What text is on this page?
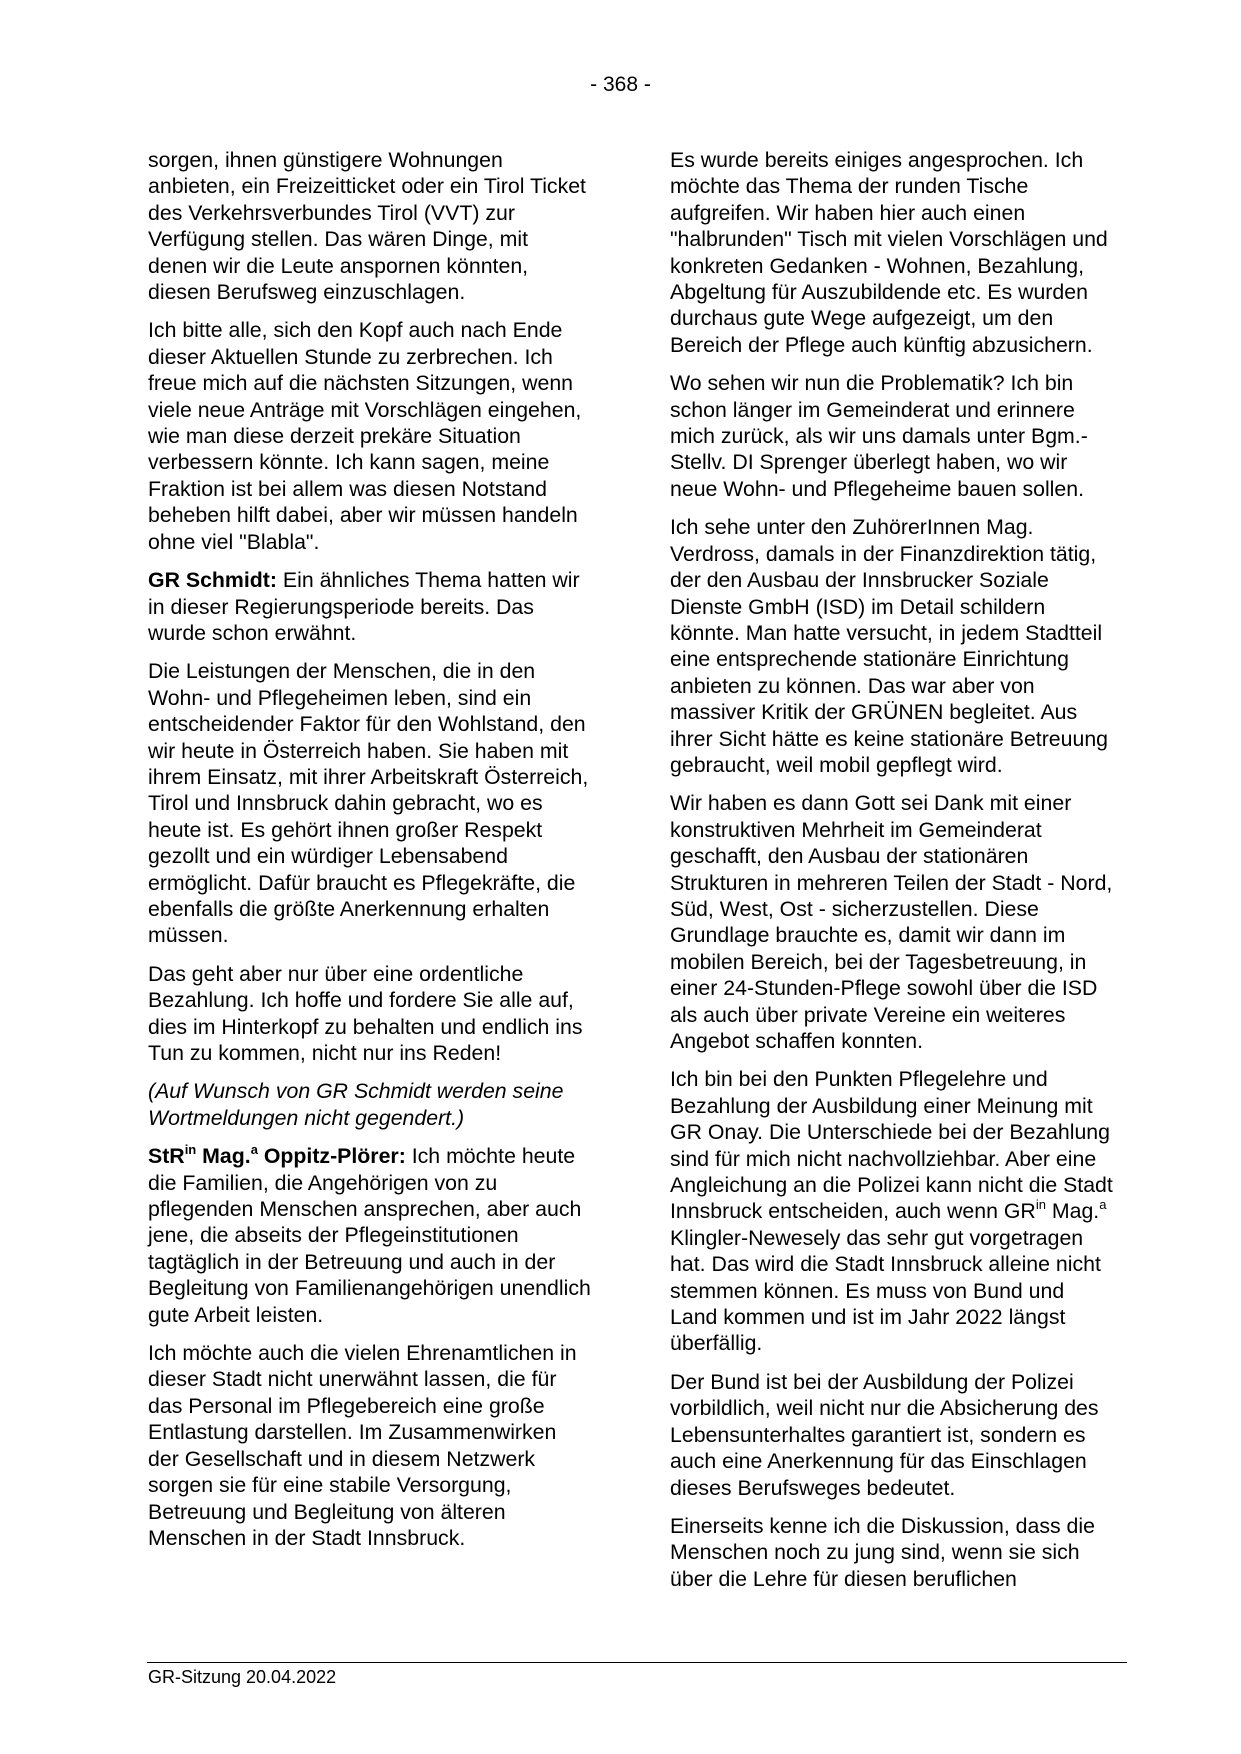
- 368 -

sorgen, ihnen günstigere Wohnungen anbieten, ein Freizeitticket oder ein Tirol Ticket des Verkehrsverbundes Tirol (VVT) zur Verfügung stellen. Das wären Dinge, mit denen wir die Leute anspornen könnten, diesen Berufsweg einzuschlagen.

Ich bitte alle, sich den Kopf auch nach Ende dieser Aktuellen Stunde zu zerbrechen. Ich freue mich auf die nächsten Sitzungen, wenn viele neue Anträge mit Vorschlägen eingehen, wie man diese derzeit prekäre Situation verbessern könnte. Ich kann sagen, meine Fraktion ist bei allem was diesen Notstand beheben hilft dabei, aber wir müssen handeln ohne viel "Blabla".

GR Schmidt: Ein ähnliches Thema hatten wir in dieser Regierungsperiode bereits. Das wurde schon erwähnt.

Die Leistungen der Menschen, die in den Wohn- und Pflegeheimen leben, sind ein entscheidender Faktor für den Wohlstand, den wir heute in Österreich haben. Sie haben mit ihrem Einsatz, mit ihrer Arbeitskraft Österreich, Tirol und Innsbruck dahin gebracht, wo es heute ist. Es gehört ihnen großer Respekt gezollt und ein würdiger Lebensabend ermöglicht. Dafür braucht es Pflegekräfte, die ebenfalls die größte Anerkennung erhalten müssen.

Das geht aber nur über eine ordentliche Bezahlung. Ich hoffe und fordere Sie alle auf, dies im Hinterkopf zu behalten und endlich ins Tun zu kommen, nicht nur ins Reden!

(Auf Wunsch von GR Schmidt werden seine Wortmeldungen nicht gegendert.)

StR$^{in}$ Mag.$^a$ Oppitz-Plörer: Ich möchte heute die Familien, die Angehörigen von zu pflegenden Menschen ansprechen, aber auch jene, die abseits der Pflegeinstitutionen tagtäglich in der Betreuung und auch in der Begleitung von Familienangehörigen unendlich gute Arbeit leisten.

Ich möchte auch die vielen Ehrenamtlichen in dieser Stadt nicht unerwähnt lassen, die für das Personal im Pflegebereich eine große Entlastung darstellen. Im Zusammenwirken der Gesellschaft und in diesem Netzwerk sorgen sie für eine stabile Versorgung, Betreuung und Begleitung von älteren Menschen in der Stadt Innsbruck.

Es wurde bereits einiges angesprochen. Ich möchte das Thema der runden Tische aufgreifen. Wir haben hier auch einen "halbrunden" Tisch mit vielen Vorschlägen und konkreten Gedanken - Wohnen, Bezahlung, Abgeltung für Auszubildende etc. Es wurden durchaus gute Wege aufgezeigt, um den Bereich der Pflege auch künftig abzusichern.

Wo sehen wir nun die Problematik? Ich bin schon länger im Gemeinderat und erinnere mich zurück, als wir uns damals unter Bgm.-Stellv. DI Sprenger überlegt haben, wo wir neue Wohn- und Pflegeheime bauen sollen.

Ich sehe unter den ZuhörerInnen Mag. Verdross, damals in der Finanzdirektion tätig, der den Ausbau der Innsbrucker Soziale Dienste GmbH (ISD) im Detail schildern könnte. Man hatte versucht, in jedem Stadtteil eine entsprechende stationäre Einrichtung anbieten zu können. Das war aber von massiver Kritik der GRÜNEN begleitet. Aus ihrer Sicht hätte es keine stationäre Betreuung gebraucht, weil mobil gepflegt wird.

Wir haben es dann Gott sei Dank mit einer konstruktiven Mehrheit im Gemeinderat geschafft, den Ausbau der stationären Strukturen in mehreren Teilen der Stadt - Nord, Süd, West, Ost - sicherzustellen. Diese Grundlage brauchte es, damit wir dann im mobilen Bereich, bei der Tagesbetreuung, in einer 24-Stunden-Pflege sowohl über die ISD als auch über private Vereine ein weiteres Angebot schaffen konnten.

Ich bin bei den Punkten Pflegelehre und Bezahlung der Ausbildung einer Meinung mit GR Onay. Die Unterschiede bei der Bezahlung sind für mich nicht nachvollziehbar. Aber eine Angleichung an die Polizei kann nicht die Stadt Innsbruck entscheiden, auch wenn $GR^{in}$ Mag.$^a$ Klingler-Newesely das sehr gut vorgetragen hat. Das wird die Stadt Innsbruck alleine nicht stemmen können. Es muss von Bund und Land kommen und ist im Jahr 2022 längst überfällig.

Der Bund ist bei der Ausbildung der Polizei vorbildlich, weil nicht nur die Absicherung des Lebensunterhaltes garantiert ist, sondern es auch eine Anerkennung für das Einschlagen dieses Berufsweges bedeutet.

Einerseits kenne ich die Diskussion, dass die Menschen noch zu jung sind, wenn sie sich über die Lehre für diesen beruflichen

GR-Sitzung 20.04.2022
